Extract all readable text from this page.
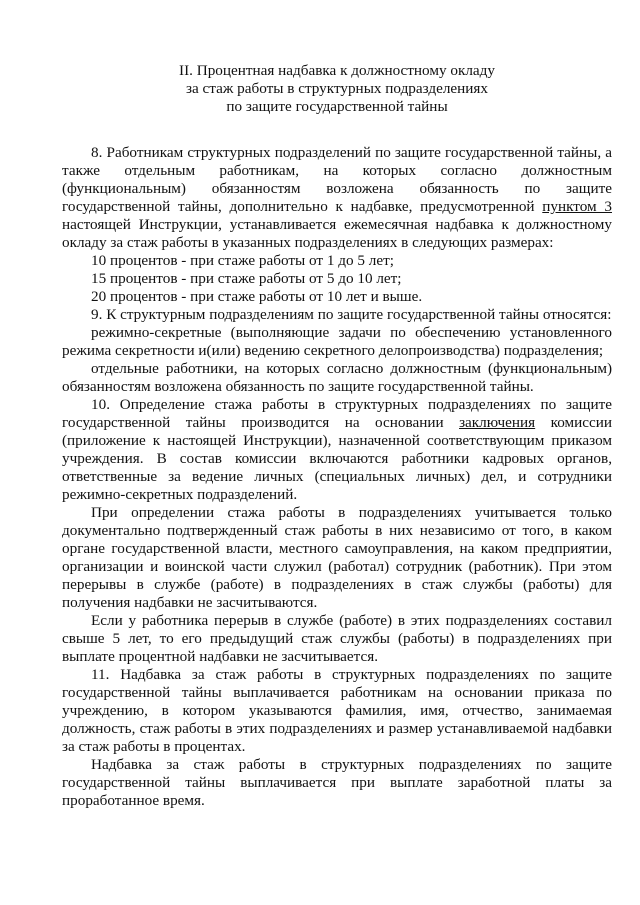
II. Процентная надбавка к должностному окладу
за стаж работы в структурных подразделениях
по защите государственной тайны

8. Работникам структурных подразделений по защите государственной тайны, а также отдельным работникам, на которых согласно должностным (функциональным) обязанностям возложена обязанность по защите государственной тайны, дополнительно к надбавке, предусмотренной пунктом 3 настоящей Инструкции, устанавливается ежемесячная надбавка к должностному окладу за стаж работы в указанных подразделениях в следующих размерах:

10 процентов - при стаже работы от 1 до 5 лет;

15 процентов - при стаже работы от 5 до 10 лет;

20 процентов - при стаже работы от 10 лет и выше.

9. К структурным подразделениям по защите государственной тайны относятся:

режимно-секретные (выполняющие задачи по обеспечению установленного режима секретности и(или) ведению секретного делопроизводства) подразделения;

отдельные работники, на которых согласно должностным (функциональным) обязанностям возложена обязанность по защите государственной тайны.

10. Определение стажа работы в структурных подразделениях по защите государственной тайны производится на основании заключения комиссии (приложение к настоящей Инструкции), назначенной соответствующим приказом учреждения. В состав комиссии включаются работники кадровых органов, ответственные за ведение личных (специальных личных) дел, и сотрудники режимно-секретных подразделений.

При определении стажа работы в подразделениях учитывается только документально подтвержденный стаж работы в них независимо от того, в каком органе государственной власти, местного самоуправления, на каком предприятии, организации и воинской части служил (работал) сотрудник (работник). При этом перерывы в службе (работе) в подразделениях в стаж службы (работы) для получения надбавки не засчитываются.

Если у работника перерыв в службе (работе) в этих подразделениях составил свыше 5 лет, то его предыдущий стаж службы (работы) в подразделениях при выплате процентной надбавки не засчитывается.

11. Надбавка за стаж работы в структурных подразделениях по защите государственной тайны выплачивается работникам на основании приказа по учреждению, в котором указываются фамилия, имя, отчество, занимаемая должность, стаж работы в этих подразделениях и размер устанавливаемой надбавки за стаж работы в процентах.

Надбавка за стаж работы в структурных подразделениях по защите государственной тайны выплачивается при выплате заработной платы за проработанное время.
